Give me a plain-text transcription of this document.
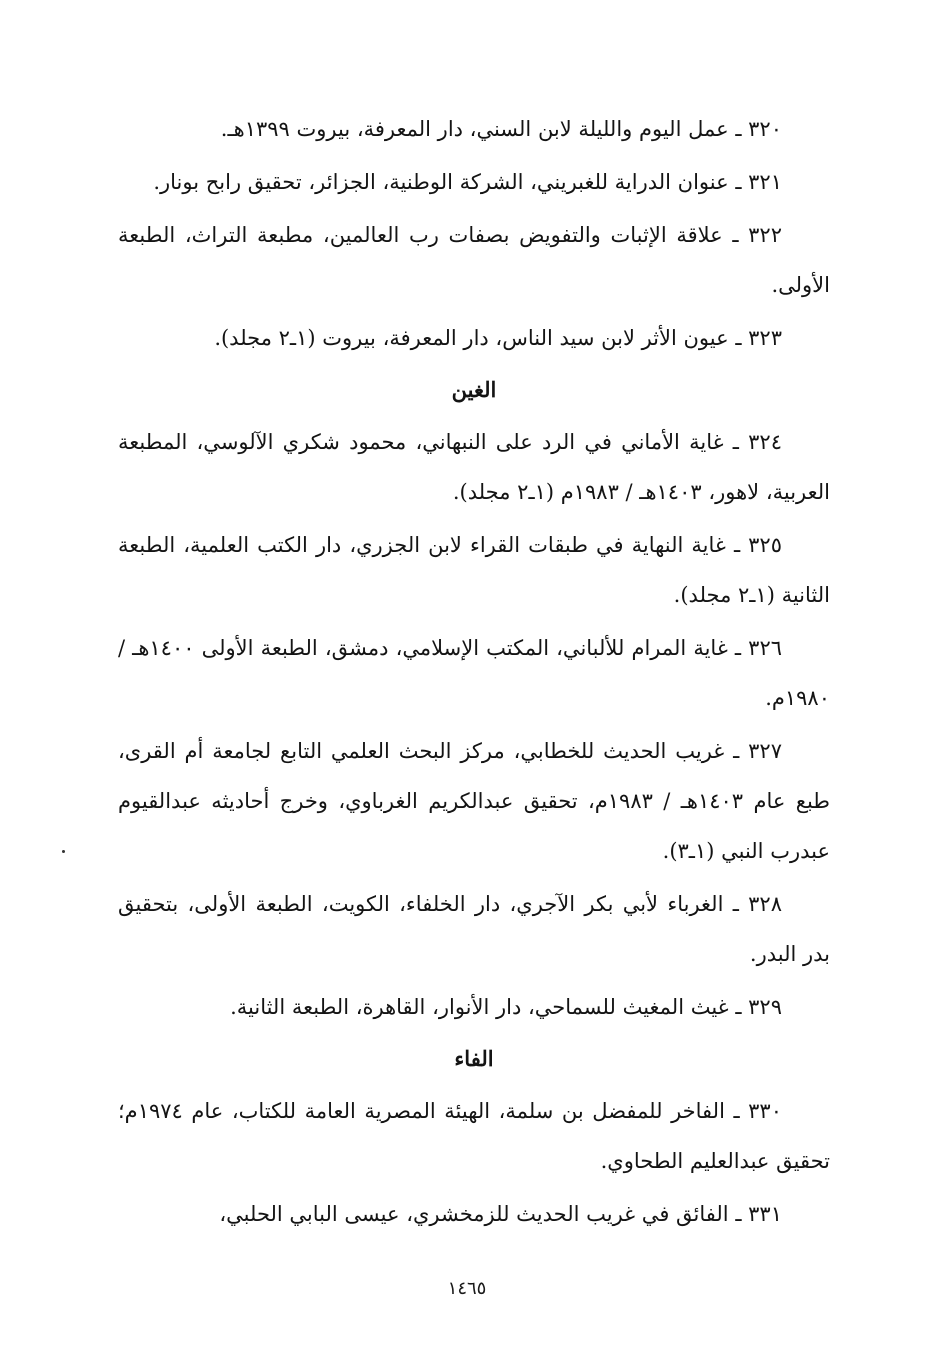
٣٢٠ ـ عمل اليوم والليلة لابن السني، دار المعرفة، بيروت ١٣٩٩هـ.

٣٢١ ـ عنوان الدراية للغبريني، الشركة الوطنية، الجزائر، تحقيق رابح بونار.

٣٢٢ ـ علاقة الإثبات والتفويض بصفات رب العالمين، مطبعة التراث، الطبعة الأولى.

٣٢٣ ـ عيون الأثر لابن سيد الناس، دار المعرفة، بيروت (١ـ٢ مجلد).

الغين

٣٢٤ ـ غاية الأماني في الرد على النبهاني، محمود شكري الآلوسي، المطبعة العربية، لاهور، ١٤٠٣هـ / ١٩٨٣م (١ـ٢ مجلد).

٣٢٥ ـ غاية النهاية في طبقات القراء لابن الجزري، دار الكتب العلمية، الطبعة الثانية (١ـ٢ مجلد).

٣٢٦ ـ غاية المرام للألباني، المكتب الإسلامي، دمشق، الطبعة الأولى ١٤٠٠هـ / ١٩٨٠م.

٣٢٧ ـ غريب الحديث للخطابي، مركز البحث العلمي التابع لجامعة أم القرى، طبع عام ١٤٠٣هـ / ١٩٨٣م، تحقيق عبدالكريم الغرباوي، وخرج أحاديثه عبدالقيوم عبدرب النبي (١ـ٣).

٣٢٨ ـ الغرباء لأبي بكر الآجري، دار الخلفاء، الكويت، الطبعة الأولى، بتحقيق بدر البدر.

٣٢٩ ـ غيث المغيث للسماحي، دار الأنوار، القاهرة، الطبعة الثانية.

الفاء

٣٣٠ ـ الفاخر للمفضل بن سلمة، الهيئة المصرية العامة للكتاب، عام ١٩٧٤م؛ تحقيق عبدالعليم الطحاوي.

٣٣١ ـ الفائق في غريب الحديث للزمخشري، عيسى البابي الحلبي،

١٤٦٥
